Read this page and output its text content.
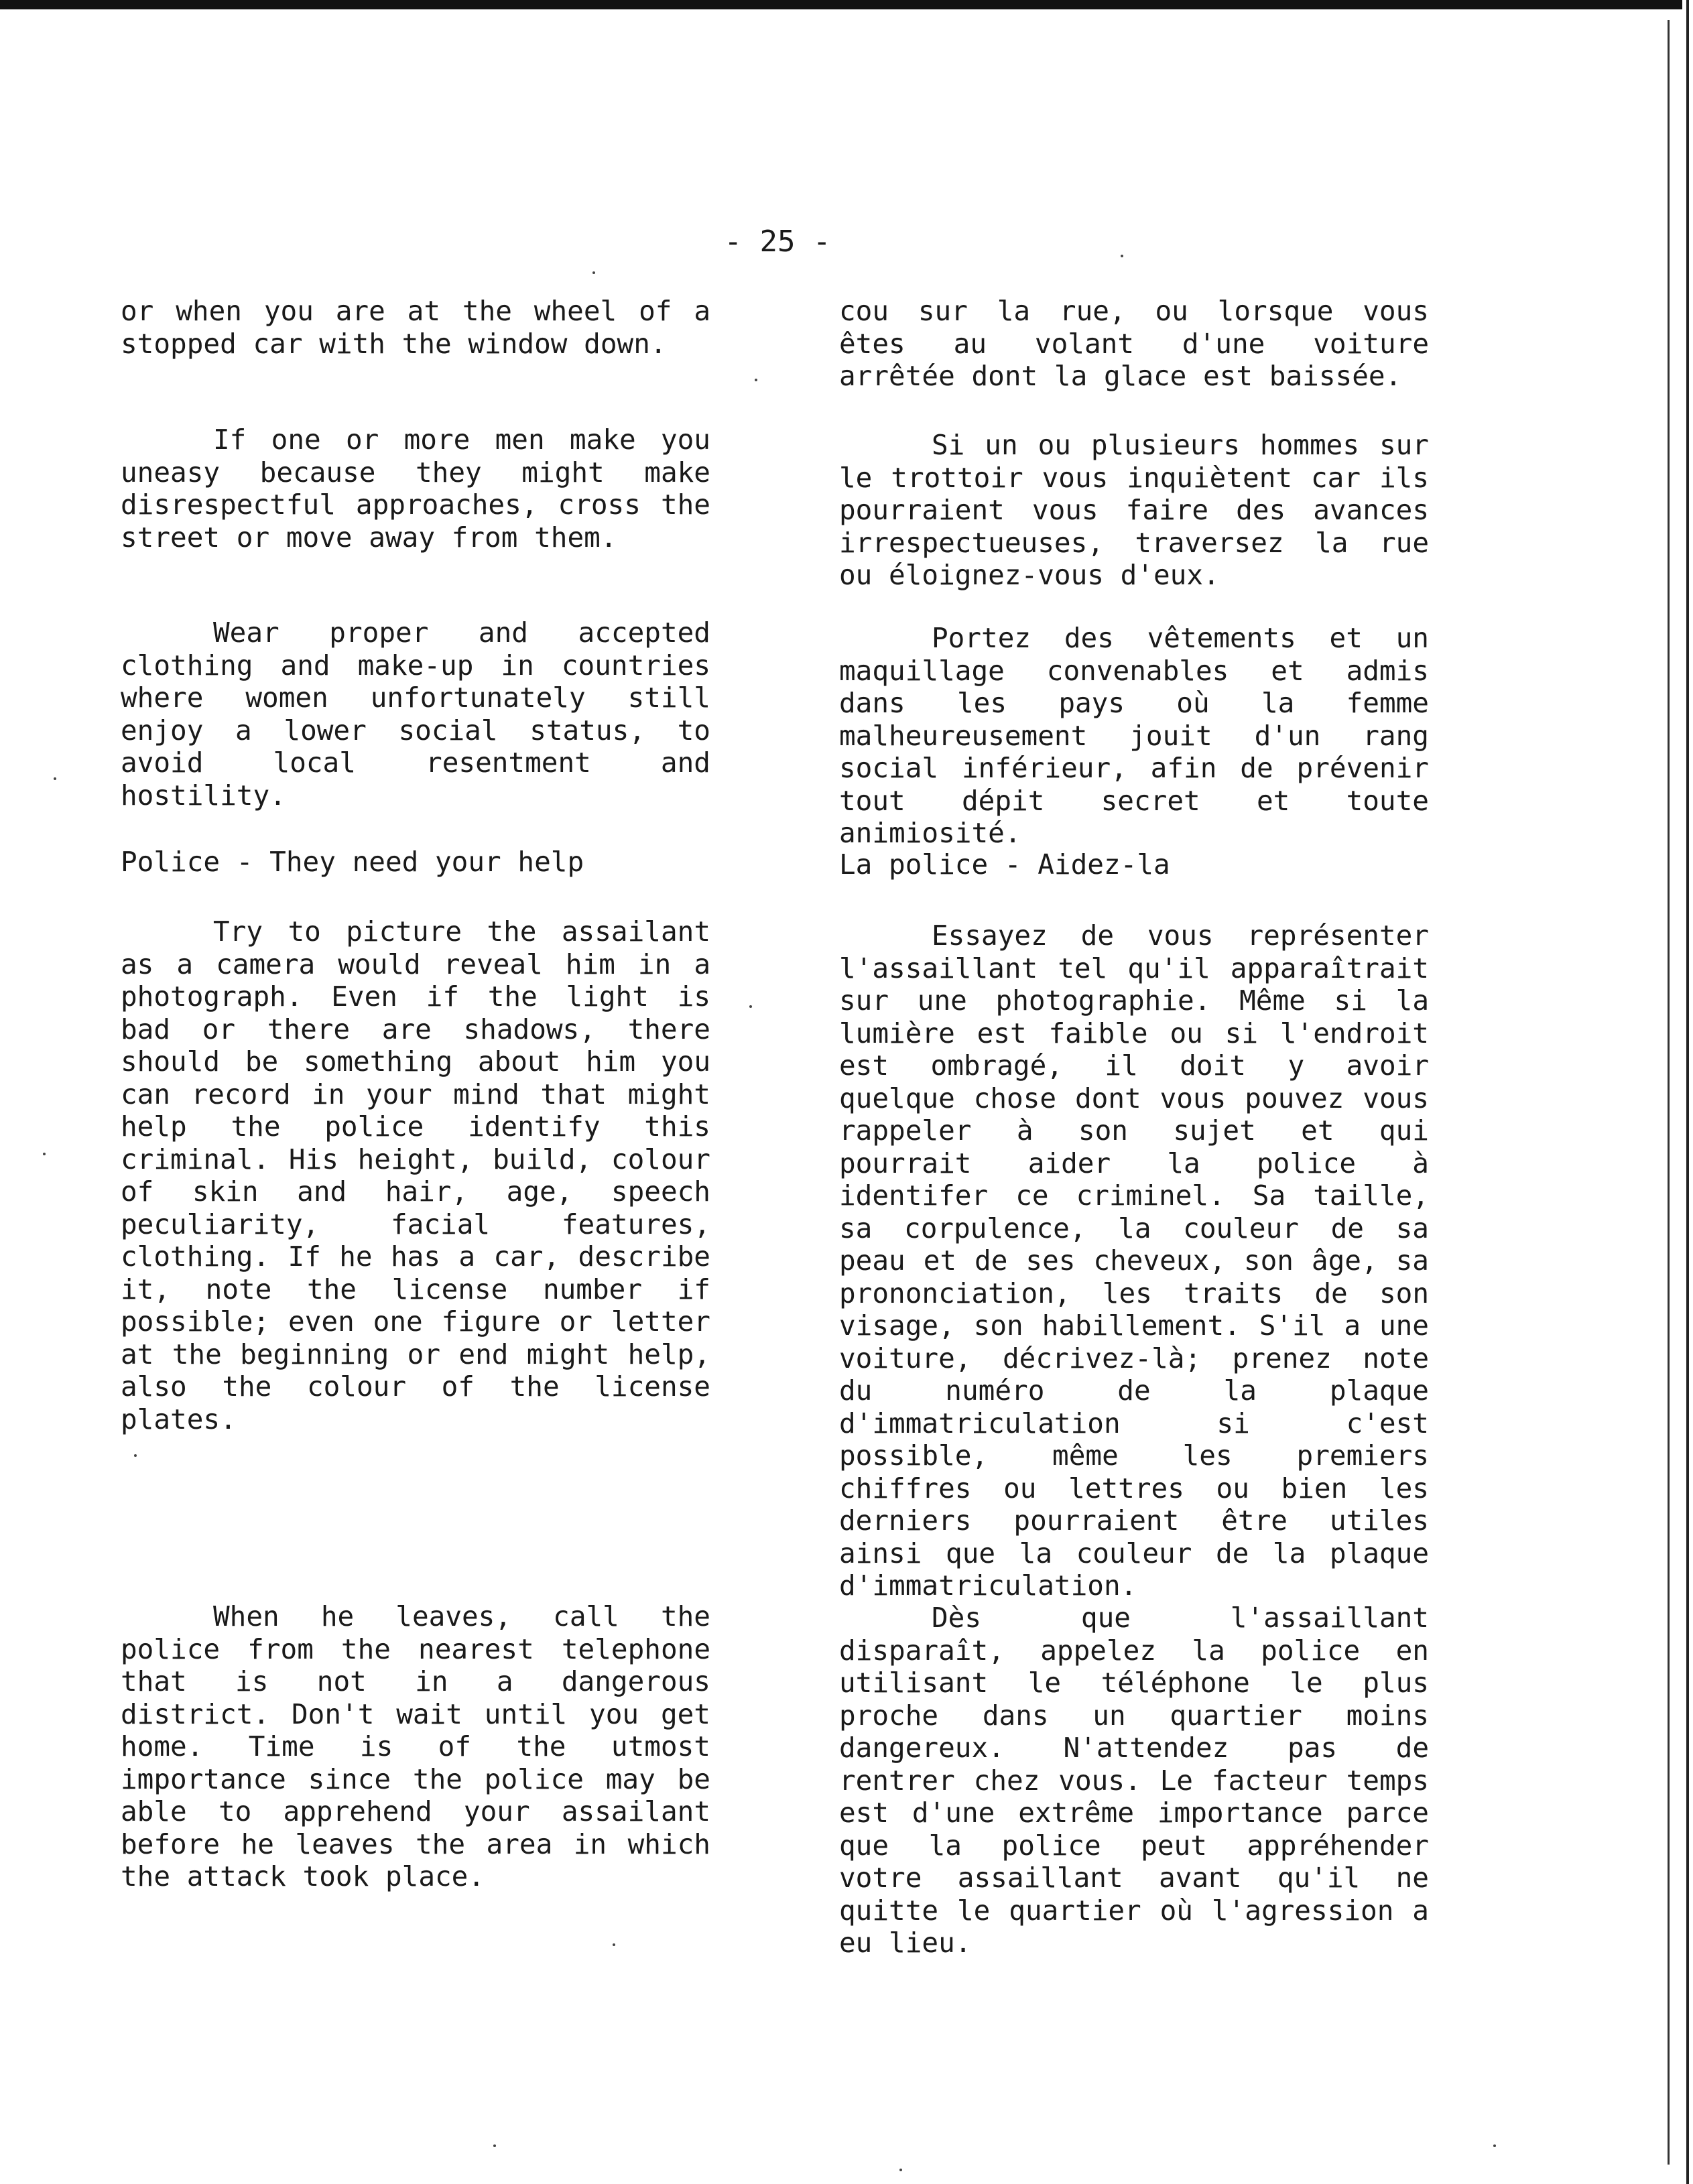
- 25 -

or when you are at the wheel of a stopped car with the window down.

If one or more men make you uneasy because they might make disrespectful approaches, cross the street or move away from them.

Wear proper and accepted clothing and make-up in countries where women unfortunately still enjoy a lower social status, to avoid local resentment and hostility.

Police - They need your help

Try to picture the assailant as a camera would reveal him in a photograph. Even if the light is bad or there are shadows, there should be something about him you can record in your mind that might help the police identify this criminal. His height, build, colour of skin and hair, age, speech peculiarity, facial features, clothing. If he has a car, describe it, note the license number if possible; even one figure or letter at the beginning or end might help, also the colour of the license plates.

When he leaves, call the police from the nearest telephone that is not in a dangerous district. Don't wait until you get home. Time is of the utmost importance since the police may be able to apprehend your assailant before he leaves the area in which the attack took place.

cou sur la rue, ou lorsque vous êtes au volant d'une voiture arrêtée dont la glace est baissée.

Si un ou plusieurs hommes sur le trottoir vous inquiètent car ils pourraient vous faire des avances irrespectueuses, traversez la rue ou éloignez-vous d'eux.

Portez des vêtements et un maquillage convenables et admis dans les pays où la femme malheureusement jouit d'un rang social inférieur, afin de prévenir tout dépit secret et toute animiosité.

La police - Aidez-la

Essayez de vous représenter l'assaillant tel qu'il apparaîtrait sur une photographie. Même si la lumière est faible ou si l'endroit est ombragé, il doit y avoir quelque chose dont vous pouvez vous rappeler à son sujet et qui pourrait aider la police à identifer ce criminel. Sa taille, sa corpulence, la couleur de sa peau et de ses cheveux, son âge, sa prononciation, les traits de son visage, son habillement. S'il a une voiture, décrivez-là; prenez note du numéro de la plaque d'immatriculation si c'est possible, même les premiers chiffres ou lettres ou bien les derniers pourraient être utiles ainsi que la couleur de la plaque d'immatriculation.

Dès que l'assaillant disparaît, appelez la police en utilisant le téléphone le plus proche dans un quartier moins dangereux. N'attendez pas de rentrer chez vous. Le facteur temps est d'une extrême importance parce que la police peut appréhender votre assaillant avant qu'il ne quitte le quartier où l'agression a eu lieu.
